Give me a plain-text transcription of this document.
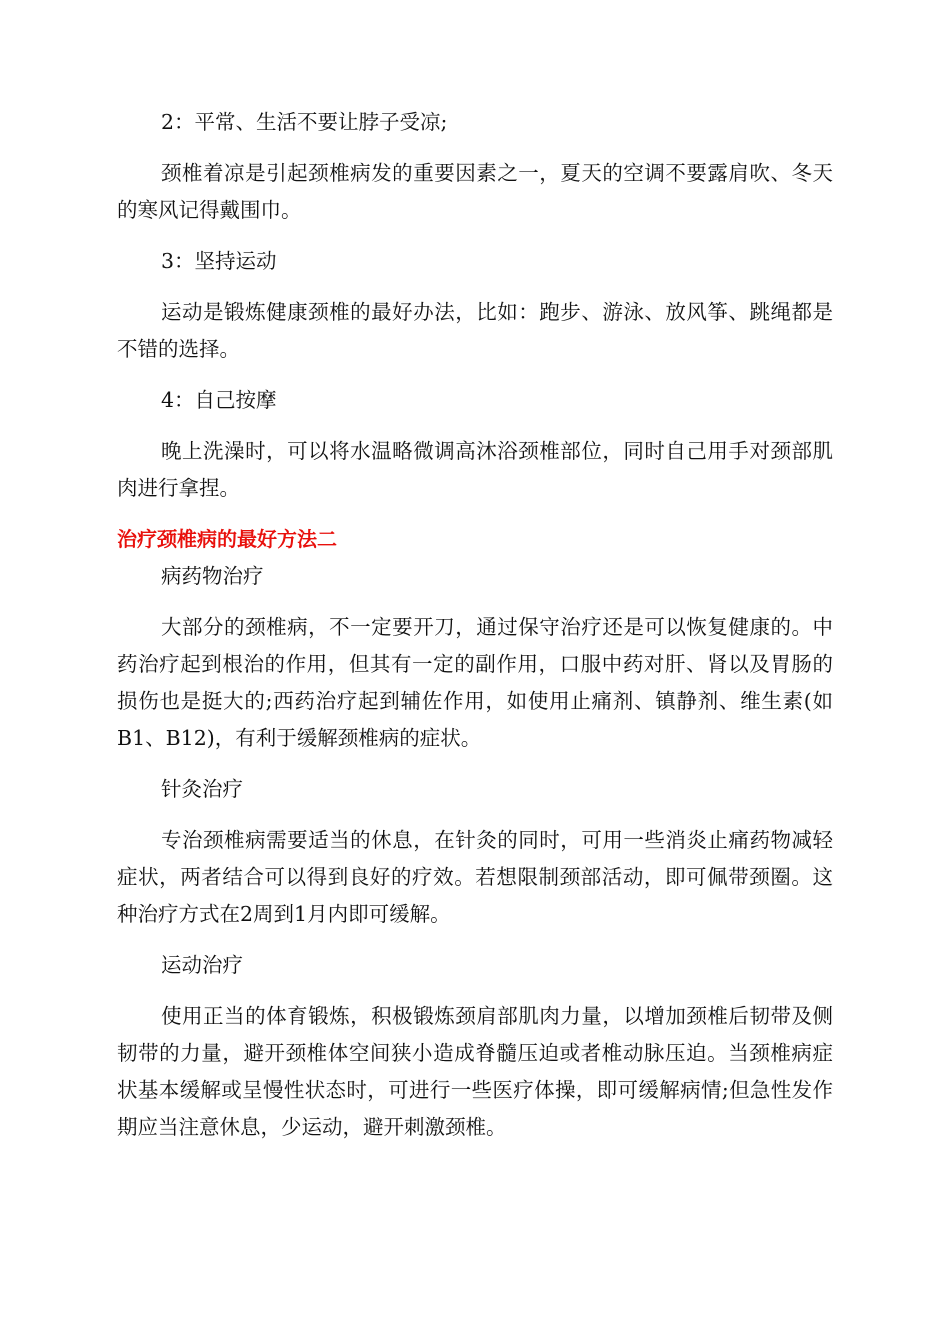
2：平常、生活不要让脖子受凉;
颈椎着凉是引起颈椎病发的重要因素之一，夏天的空调不要露肩吹、冬天的寒风记得戴围巾。
3：坚持运动
运动是锻炼健康颈椎的最好办法，比如：跑步、游泳、放风筝、跳绳都是不错的选择。
4：自己按摩
晚上洗澡时，可以将水温略微调高沐浴颈椎部位，同时自己用手对颈部肌肉进行拿捏。
治疗颈椎病的最好方法二
病药物治疗
大部分的颈椎病，不一定要开刀，通过保守治疗还是可以恢复健康的。中药治疗起到根治的作用，但其有一定的副作用，口服中药对肝、肾以及胃肠的损伤也是挺大的;西药治疗起到辅佐作用，如使用止痛剂、镇静剂、维生素(如B1、B12)，有利于缓解颈椎病的症状。
针灸治疗
专治颈椎病需要适当的休息，在针灸的同时，可用一些消炎止痛药物减轻症状，两者结合可以得到良好的疗效。若想限制颈部活动，即可佩带颈圈。这种治疗方式在2周到1月内即可缓解。
运动治疗
使用正当的体育锻炼，积极锻炼颈肩部肌肉力量，以增加颈椎后韧带及侧韧带的力量，避开颈椎体空间狭小造成脊髓压迫或者椎动脉压迫。当颈椎病症状基本缓解或呈慢性状态时，可进行一些医疗体操，即可缓解病情;但急性发作期应当注意休息，少运动，避开刺激颈椎。
